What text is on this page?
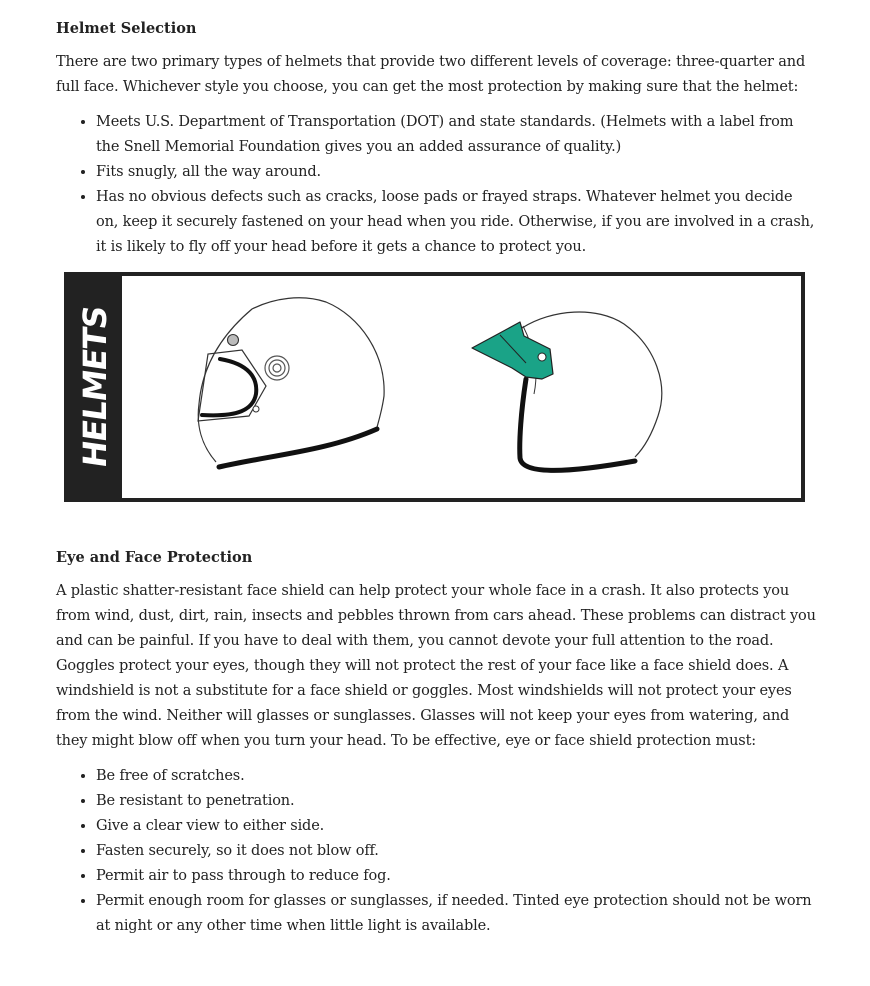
Helmet Selection

There are two primary types of helmets that provide two different levels of coverage: three-quarter and full face. Whichever style you choose, you can get the most protection by making sure that the helmet:

• Meets U.S. Department of Transportation (DOT) and state standards. (Helmets with a label from the Snell Memorial Foundation gives you an added assurance of quality.)
• Fits snugly, all the way around.
• Has no obvious defects such as cracks, loose pads or frayed straps. Whatever helmet you decide on, keep it securely fastened on your head when you ride. Otherwise, if you are involved in a crash, it is likely to fly off your head before it gets a chance to protect you.
HELMETS
Eye and Face Protection

A plastic shatter-resistant face shield can help protect your whole face in a crash. It also protects you from wind, dust, dirt, rain, insects and pebbles thrown from cars ahead. These problems can distract you and can be painful. If you have to deal with them, you cannot devote your full attention to the road. Goggles protect your eyes, though they will not protect the rest of your face like a face shield does. A windshield is not a substitute for a face shield or goggles. Most windshields will not protect your eyes from the wind. Neither will glasses or sunglasses. Glasses will not keep your eyes from watering, and they might blow off when you turn your head. To be effective, eye or face shield protection must:

• Be free of scratches.
• Be resistant to penetration.
• Give a clear view to either side.
• Fasten securely, so it does not blow off.
• Permit air to pass through to reduce fog.
• Permit enough room for glasses or sunglasses, if needed. Tinted eye protection should not be worn at night or any other time when little light is available.
